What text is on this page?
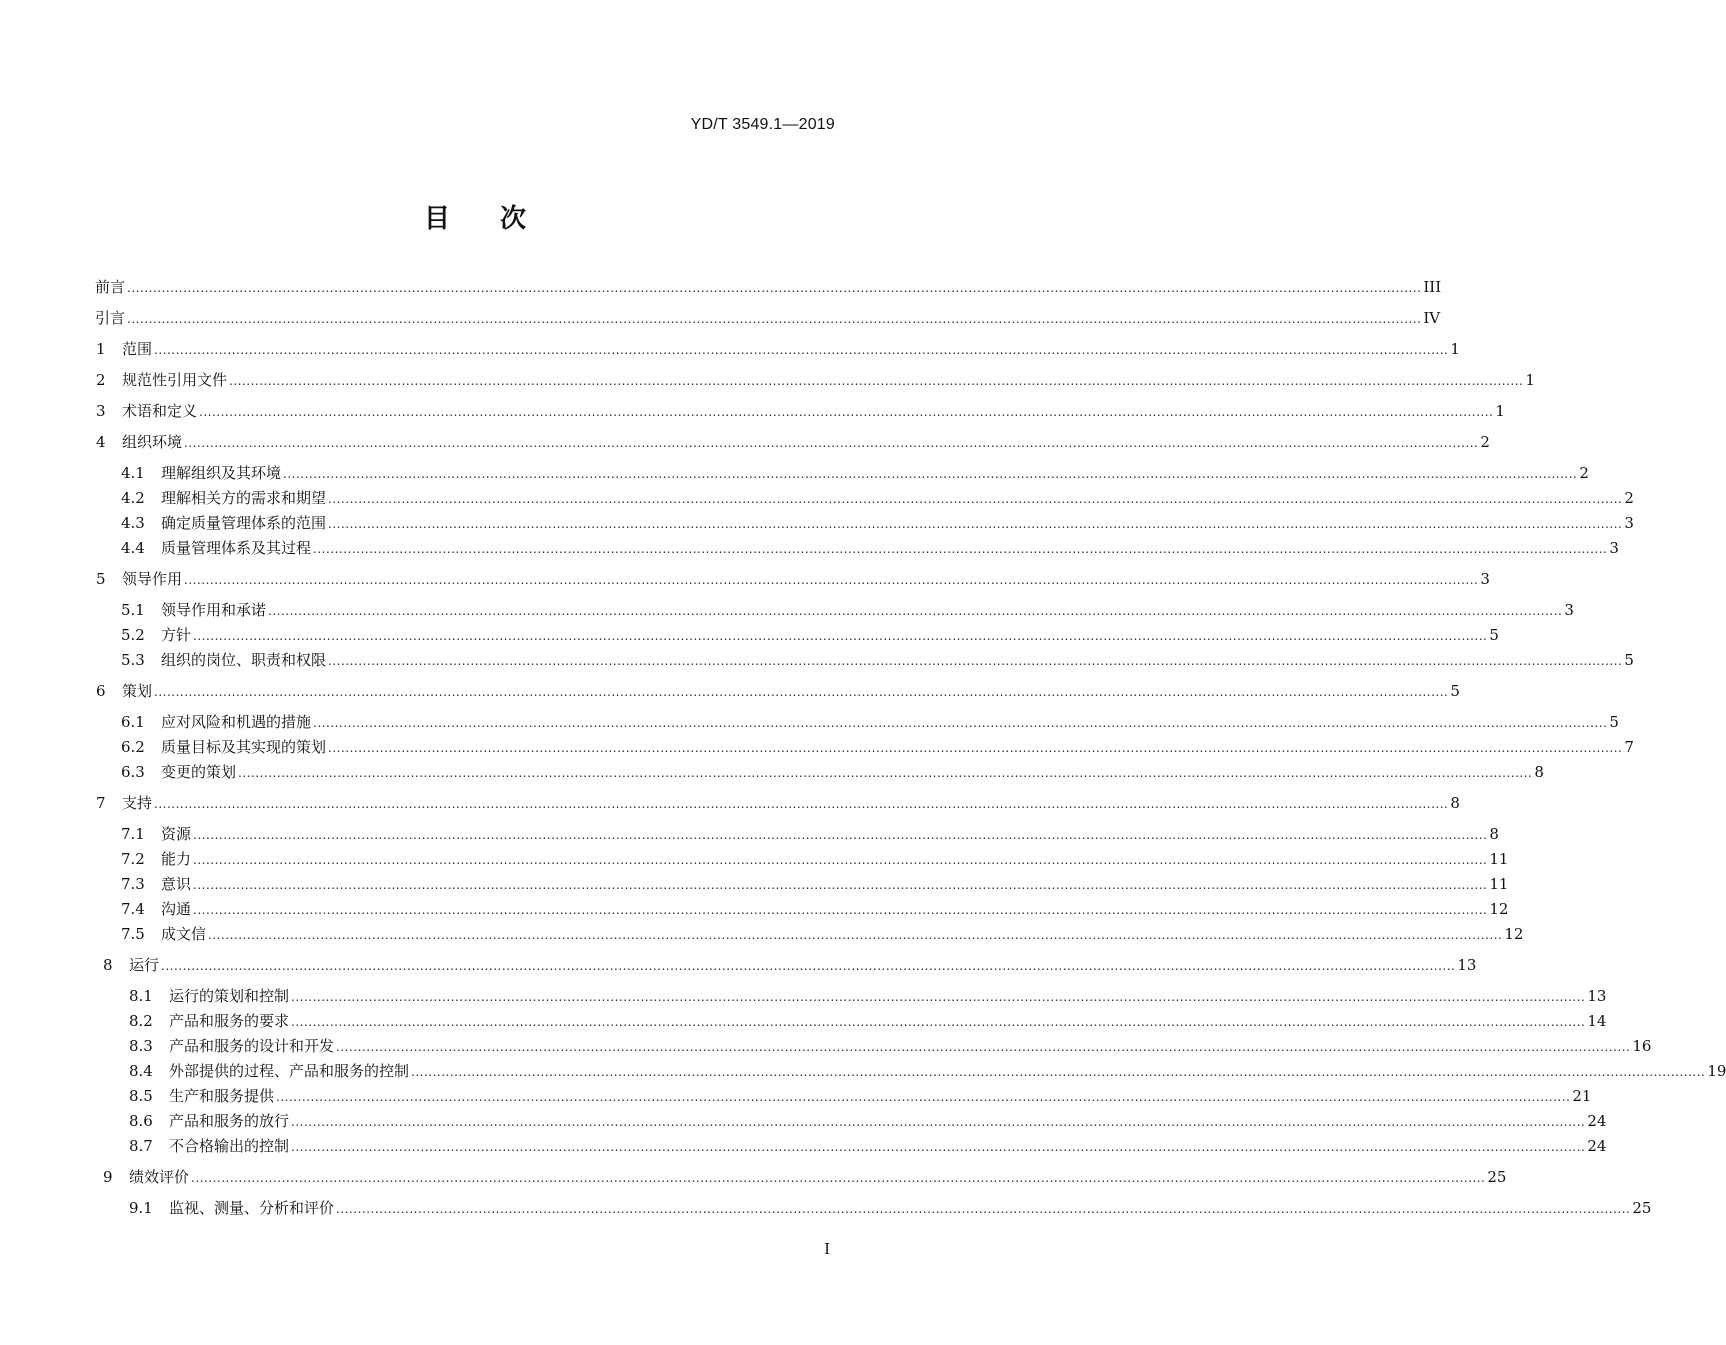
YD/T 3549.1—2019
目 次
前言 ............................................................................................................................................................................................................................................................................................................ III
引言 ............................................................................................................................................................................................................................................................................................................ IV
1	范围 ............................................................................................................................................................................................................................................................................................................ 1
2	规范性引用文件 ............................................................................................................................................................................................................................................................................................................ 1
3	术语和定义 ............................................................................................................................................................................................................................................................................................................ 1
4	组织环境 ............................................................................................................................................................................................................................................................................................................ 2
4.1	理解组织及其环境 ............................................................................................................................................................................................................................................................................................................ 2
4.2	理解相关方的需求和期望 ............................................................................................................................................................................................................................................................................................................ 2
4.3	确定质量管理体系的范围 ............................................................................................................................................................................................................................................................................................................ 3
4.4	质量管理体系及其过程 ............................................................................................................................................................................................................................................................................................................ 3
5	领导作用 ............................................................................................................................................................................................................................................................................................................ 3
5.1	领导作用和承诺 ............................................................................................................................................................................................................................................................................................................ 3
5.2	方针 ............................................................................................................................................................................................................................................................................................................ 5
5.3	组织的岗位、职责和权限 ............................................................................................................................................................................................................................................................................................................ 5
6	策划 ............................................................................................................................................................................................................................................................................................................ 5
6.1	应对风险和机遇的措施 ............................................................................................................................................................................................................................................................................................................ 5
6.2	质量目标及其实现的策划 ............................................................................................................................................................................................................................................................................................................ 7
6.3	变更的策划 ............................................................................................................................................................................................................................................................................................................ 8
7	支持 ............................................................................................................................................................................................................................................................................................................ 8
7.1	资源 ............................................................................................................................................................................................................................................................................................................ 8
7.2	能力 ............................................................................................................................................................................................................................................................................................................ 11
7.3	意识 ............................................................................................................................................................................................................................................................................................................ 11
7.4	沟通 ............................................................................................................................................................................................................................................................................................................ 12
7.5	成文信 ............................................................................................................................................................................................................................................................................................................ 12
8	运行 ............................................................................................................................................................................................................................................................................................................ 13
8.1	运行的策划和控制 ............................................................................................................................................................................................................................................................................................................ 13
8.2	产品和服务的要求 ............................................................................................................................................................................................................................................................................................................ 14
8.3	产品和服务的设计和开发 ............................................................................................................................................................................................................................................................................................................ 16
8.4	外部提供的过程、产品和服务的控制 ............................................................................................................................................................................................................................................................................................................ 19
8.5	生产和服务提供 ............................................................................................................................................................................................................................................................................................................ 21
8.6	产品和服务的放行 ............................................................................................................................................................................................................................................................................................................ 24
8.7	不合格输出的控制 ............................................................................................................................................................................................................................................................................................................ 24
9	绩效评价 ............................................................................................................................................................................................................................................................................................................ 25
9.1	监视、测量、分析和评价 ............................................................................................................................................................................................................................................................................................................ 25
I
